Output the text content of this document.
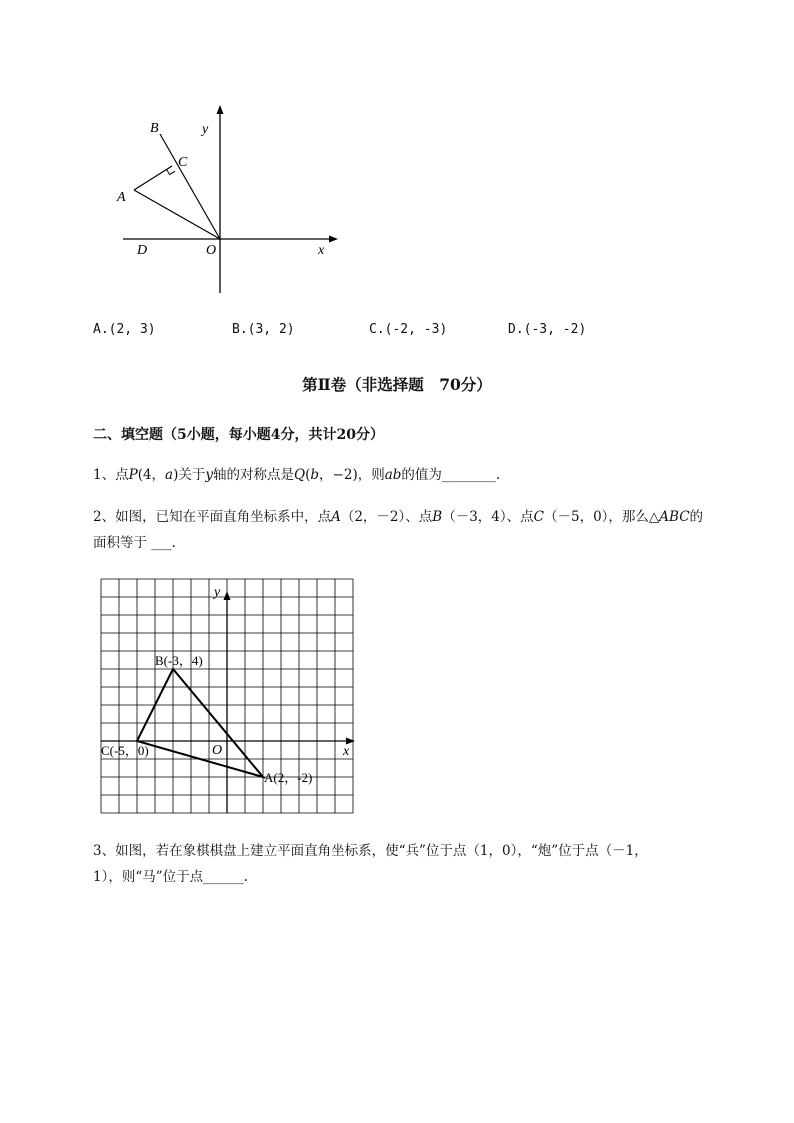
B	y
C
A
D	O	x
A.(2, 3)	B.(3, 2)	C.(-2, -3)	D.(-3, -2)
第Ⅱ卷（非选择题　70分）
二、填空题（5小题，每小题4分，共计20分）
1、点P(4，a)关于y轴的对称点是Q(b，−2)，则ab的值为________.
2、如图，已知在平面直角坐标系中，点A（2，－2）、点B（－3，4）、点C（－5，0），那么△ABC的
面积等于 ___.
y
x
O
B(-3，4)
C(-5，0)
A(2，-2)
3、如图，若在象棋棋盘上建立平面直角坐标系，使“兵”位于点（1，0），“炮”位于点（－1，
1），则“马”位于点______.
